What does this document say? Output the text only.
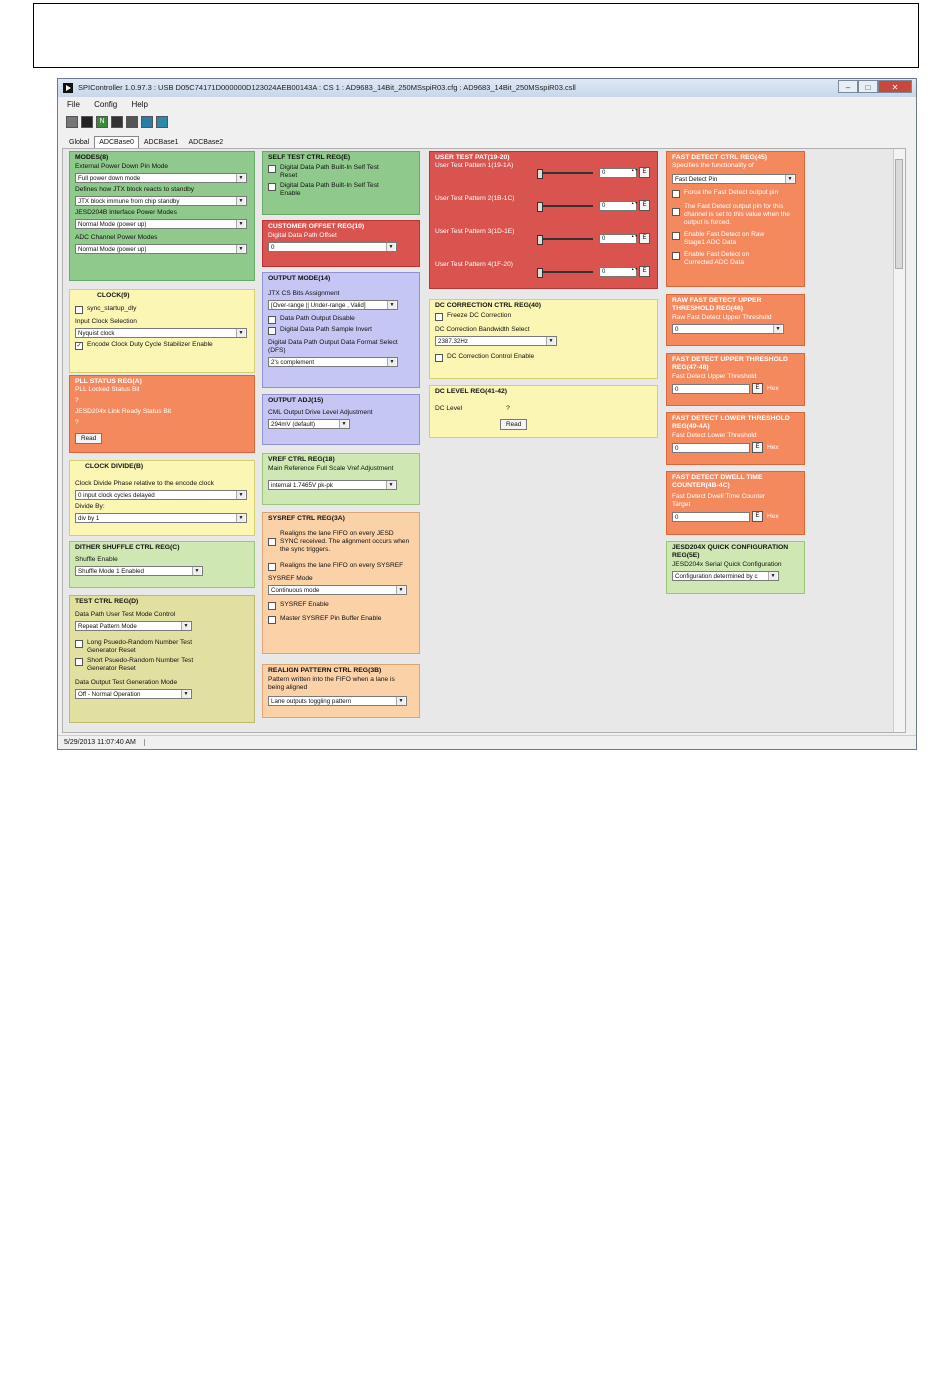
SPIController 1.0.97.3 : USB D05C74171D000000D123024AEB00143A : CS 1 : AD9683_14Bit_250MSspiR03.cfg : AD9683_14Bit_250MSspiR03.csll	–	□	✕
File Config Help
N
Global	ADCBase0	ADCBase1	ADCBase2
MODES(8)
External Power Down Pin Mode
Full power down mode	▼
Defines how JTX block reacts to standby
JTX block immune from chip standby	▼
JESD204B Interface Power Modes
Normal Mode (power up)	▼
ADC Channel Power Modes
Normal Mode (power up)	▼
CLOCK(9)
sync_startup_dly
Input Clock Selection
Nyquist clock	▼
✓ Encode Clock Duty Cycle Stabilizer Enable
PLL STATUS REG(A)
PLL Locked Status Bit
?
JESD204x Link Ready Status Bit
?
Read
CLOCK DIVIDE(B)
Clock Divide Phase relative to the encode clock
0 input clock cycles delayed	▼
Divide By:
div by 1	▼
DITHER SHUFFLE CTRL REG(C)
Shuffle Enable
Shuffle Mode 1 Enabled	▼
TEST CTRL REG(D)
Data Path User Test Mode Control
Repeat Pattern Mode	▼
Long Psuedo-Random Number Test Generator Reset
Short Psuedo-Random Number Test Generator Reset
Data Output Test Generation Mode
Off - Normal Operation	▼
SELF TEST CTRL REG(E)
Digital Data Path Built-In Self Test Reset
Digital Data Path Built-In Self Test Enable
CUSTOMER OFFSET REG(10)
Digital Data Path Offset
0	▼
OUTPUT MODE(14)
JTX CS Bits Assignment
[Over-range || Under-range , Valid]	▼
Data Path Output Disable
Digital Data Path Sample Invert
Digital Data Path Output Data Format Select (DFS)
2's complement	▼
OUTPUT ADJ(15)
CML Output Drive Level Adjustment
294mV (default)	▼
VREF CTRL REG(18)
Main Reference Full Scale Vref Adjustment
internal 1.7465V pk-pk	▼
SYSREF CTRL REG(3A)
Realigns the lane FIFO on every JESD SYNC received. The alignment occurs when the sync triggers.
Realigns the lane FIFO on every SYSREF
SYSREF Mode
Continuous mode	▼
SYSREF Enable
Master SYSREF Pin Buffer Enable
REALIGN PATTERN CTRL REG(3B)
Pattern written into the FIFO when a lane is being aligned
Lane outputs toggling pattern	▼
USER TEST PAT(19-20)
User Test Pattern 1(19-1A)
0 ▲▼	E
User Test Pattern 2(1B-1C)
0 ▲▼	E
User Test Pattern 3(1D-1E)
0 ▲▼	E
User Test Pattern 4(1F-20)
0 ▲▼	E
DC CORRECTION CTRL REG(40)
Freeze DC Correction
DC Correction Bandwidth Select
2387.32Hz	▼
DC Correction Control Enable
DC LEVEL REG(41-42)
DC Level	?
Read
FAST DETECT CTRL REG(45)
Specifies the functionality of
Fast Detect Pin	▼
Force the Fast Detect output pin
The Fast Detect output pin for this channel is set to this value when the output is forced.
Enable Fast Detect on Raw Stage1 ADC Data
Enable Fast Detect on Corrected ADC Data
RAW FAST DETECT UPPER THRESHOLD REG(46)
Raw Fast Detect Upper Threshold
0	▼
FAST DETECT UPPER THRESHOLD REG(47-48)
Fast Detect Upper Threshold
0	E Hex
FAST DETECT LOWER THRESHOLD REG(49-4A)
Fast Detect Lower Threshold
0	E Hex
FAST DETECT DWELL TIME COUNTER(4B-4C)
Fast Detect Dwell Time Counter Target
0	E Hex
JESD204X QUICK CONFIGURATION REG(5E)
JESD204x Serial Quick Configuration
Configuration determined by c	▼
5/29/2013 11:07:40 AM
